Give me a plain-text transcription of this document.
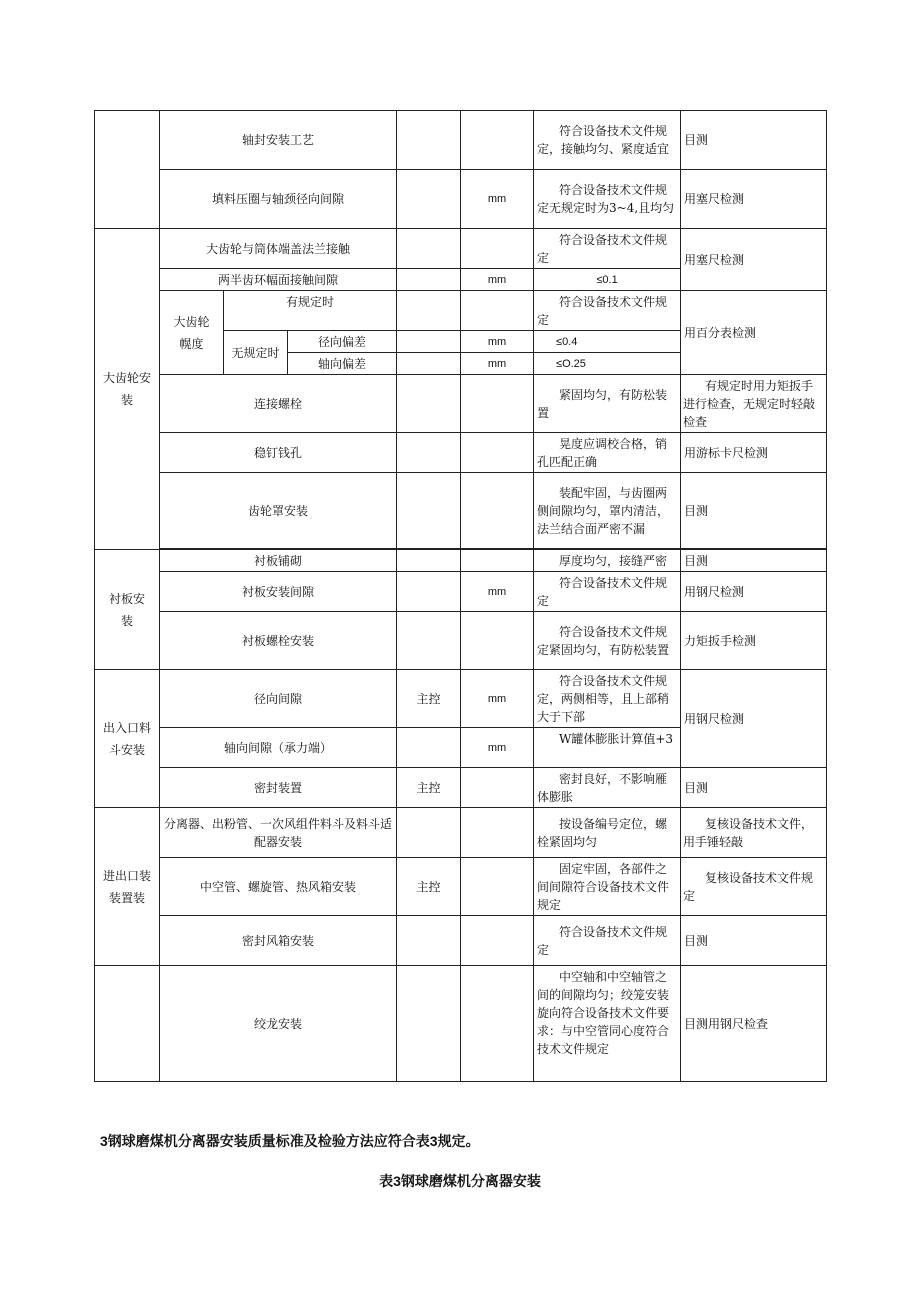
	轴封安装工艺					符合设备技术文件规定，接触均匀、紧度适宜	目测
	填料压圈与轴颈径向间隙				mm	符合设备技术文件规定无规定时为3~4,且均匀	用塞尺检测

大齿轮安装	大齿轮与筒体端盖法兰接触					符合设备技术文件规定	用塞尺检测
	两半齿环幅面接触间隙				mm	≤0.1	

	大齿轮幌度	有规定时				符合设备技术文件规定	用百分表检测
		无规定时	径向偏差		mm	≤0.4	
			轴向偏差		mm	≤O.25	
	连接螺栓					紧固均匀，有防松装置	有规定时用力矩扳手进行检查，无规定时轻敲检查
	稳钉钱孔					晃度应调校合格，销孔匹配正确	用游标卡尺检测
	齿轮罩安装					装配牢固，与齿圈两侧间隙均匀，罩内清洁，法兰结合面严密不漏	目测

衬板安装	衬板铺砌					厚度均匀，接缝严密	目测
	衬板安装间隙				mm	符合设备技术文件规定	用钢尺检测
	衬板螺栓安装					符合设备技术文件规定紧固均匀，有防松装置	力矩扳手检测

出入口料斗安装	径向间隙			主控	mm	符合设备技术文件规定，两侧相等，且上部稍大于下部	用钢尺检测
	轴向间隙（承力端）				mm	W罐体膨胀计算值+3	
	密封装置			主控		密封良好，不影响雁体膨胀	目测

进出口装装置装	分离器、出粉管、一次风组件料斗及料斗适配器安装					按设备编号定位，螺栓紧固均匀	复核设备技术文件，用手锤轻敲
	中空管、螺旋管、热风箱安装			主控		固定牢固，各部件之间间隙符合设备技术文件规定	复核设备技术文件规定
	密封风箱安装					符合设备技术文件规定	目测
	绞龙安装					中空轴和中空轴管之间的间隙均匀；绞笼安装旋向符合设备技术文件要求：与中空管同心度符合技术文件规定	目测用钢尺检查
3钢球磨煤机分离器安装质量标准及检验方法应符合表3规定。
表3钢球磨煤机分离器安装
